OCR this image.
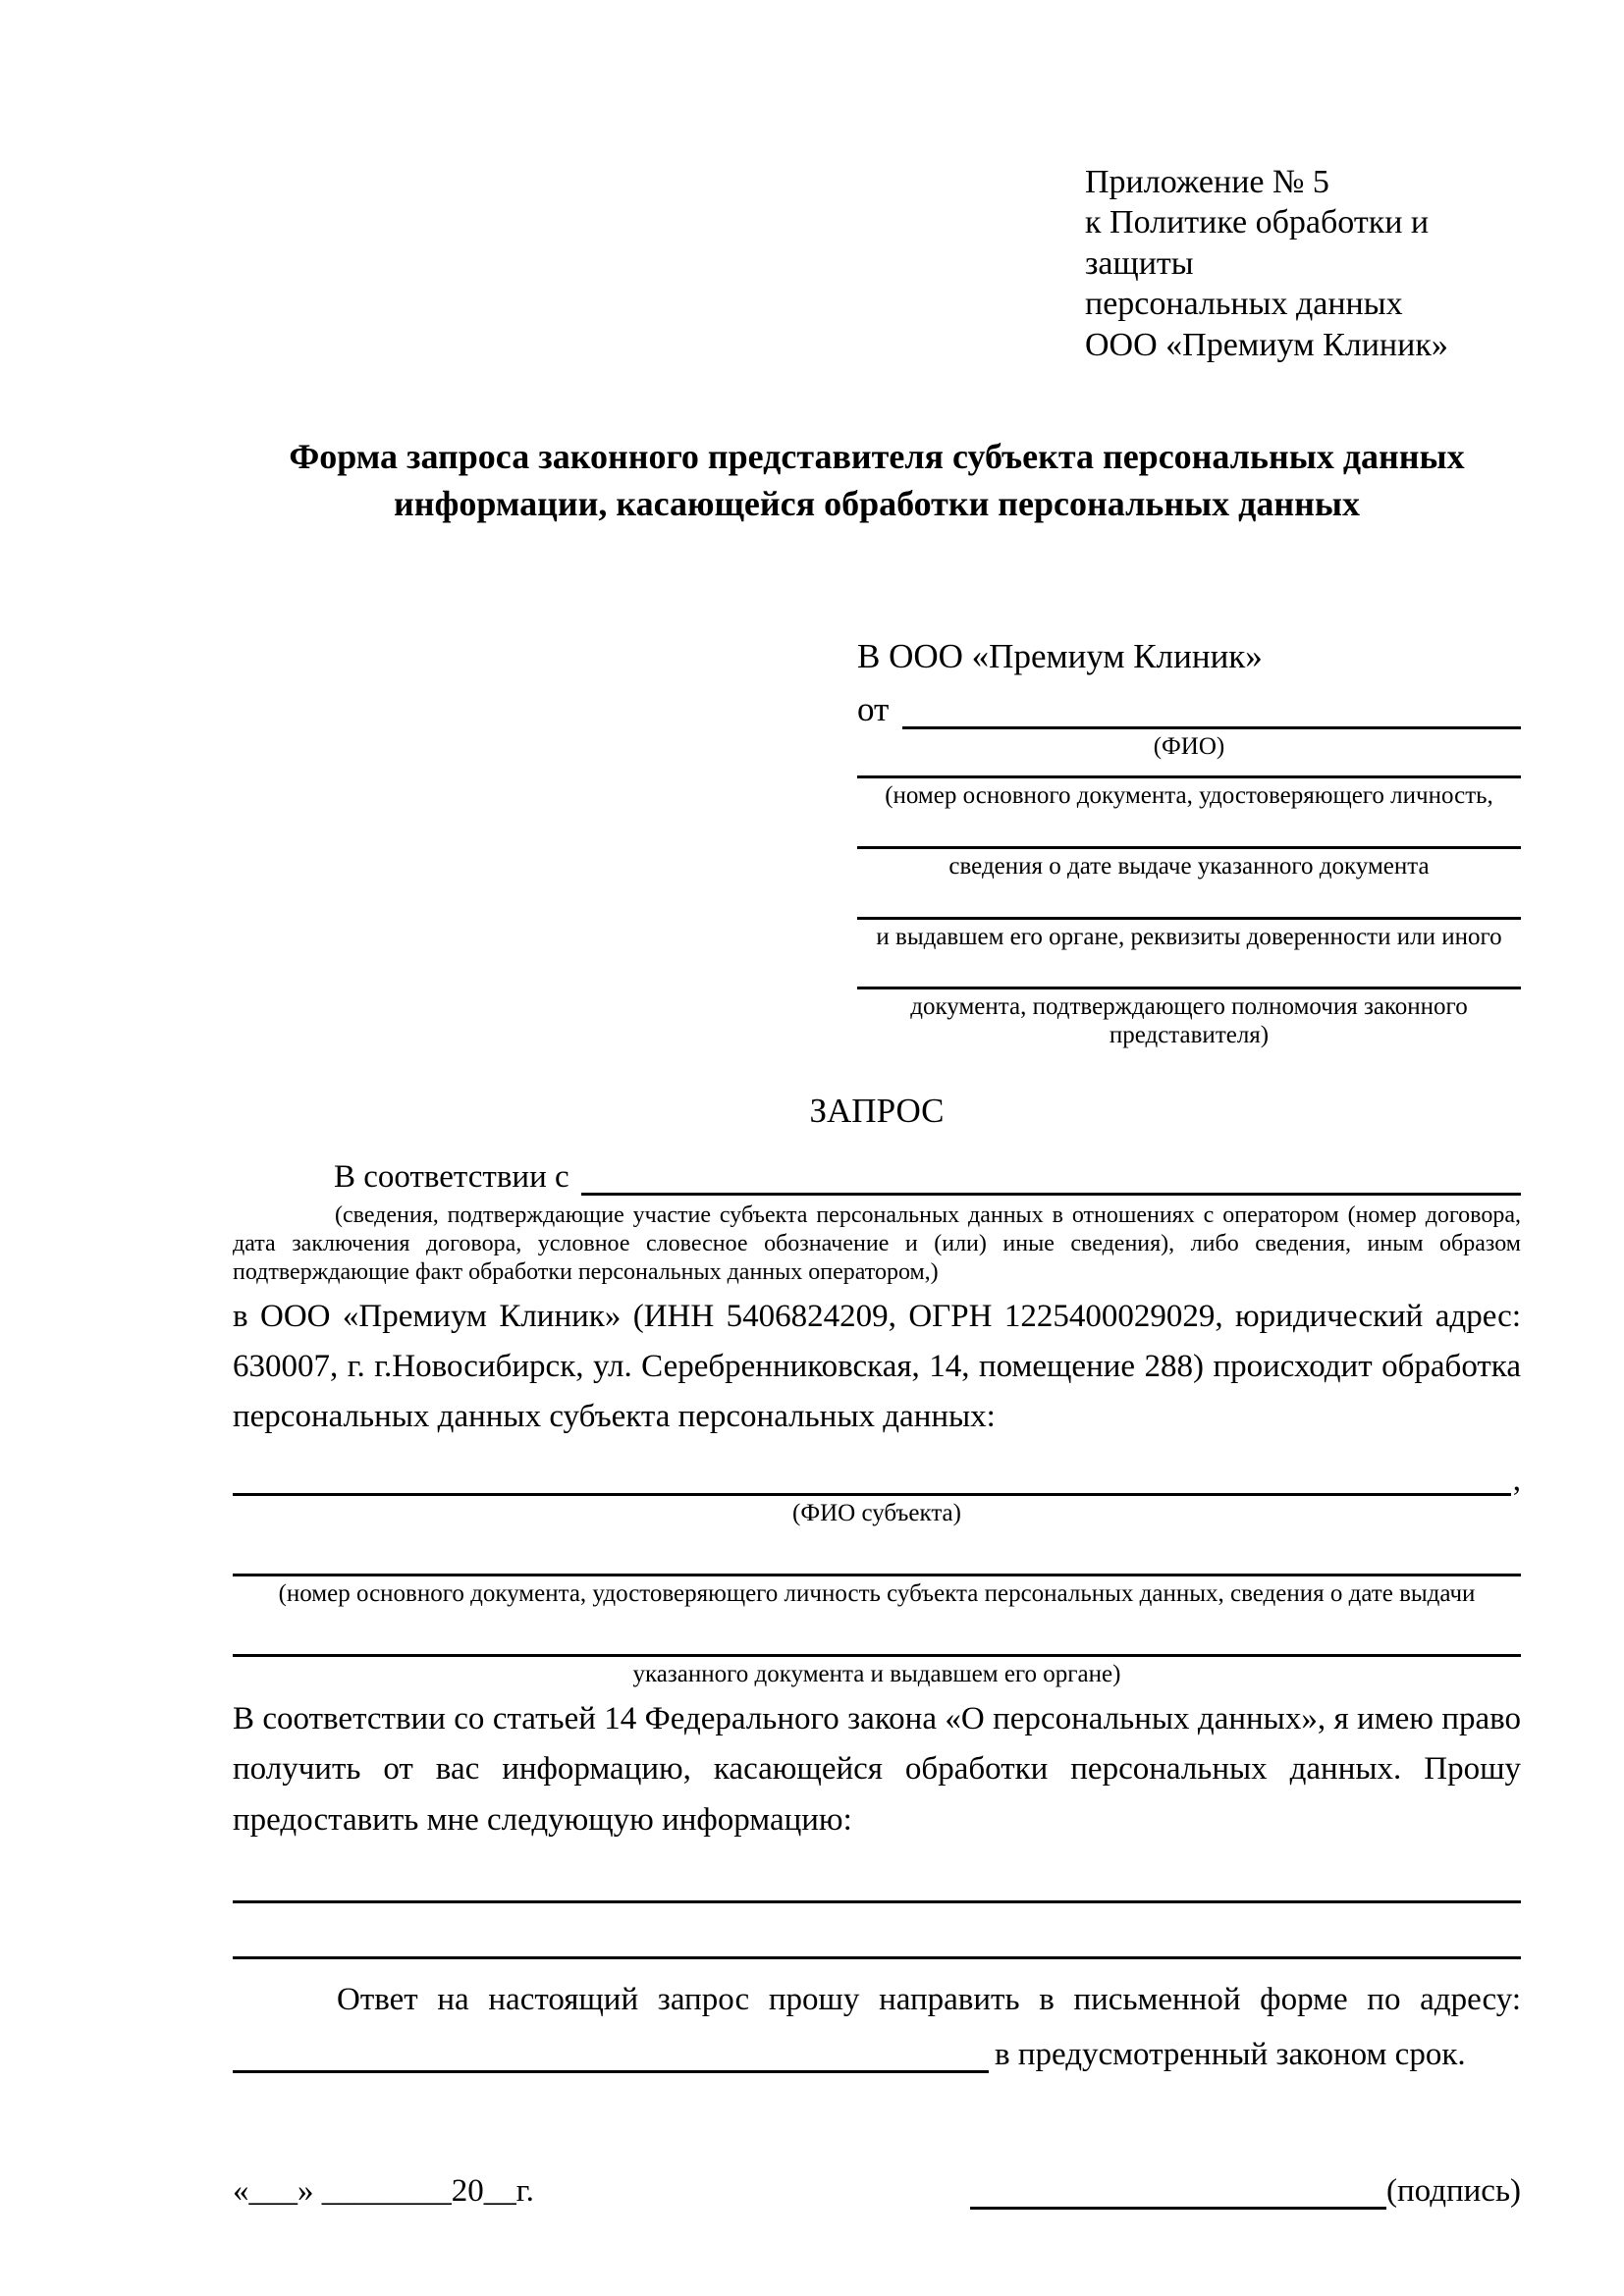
Приложение № 5
к Политике обработки и защиты
персональных данных
ООО «Премиум Клиник»
Форма запроса законного представителя субъекта персональных данных
информации, касающейся обработки персональных данных
В ООО «Премиум Клиник»
от
(ФИО)
(номер основного документа, удостоверяющего личность,
сведения о дате выдаче указанного документа
и выдавшем его органе, реквизиты доверенности или иного
документа, подтверждающего полномочия законного представителя)
ЗАПРОС
В соответствии с
(сведения, подтверждающие участие субъекта персональных данных в отношениях с оператором (номер договора, дата заключения договора, условное словесное обозначение и (или) иные сведения), либо сведения, иным образом подтверждающие факт обработки персональных данных оператором,)

в ООО «Премиум Клиник» (ИНН 5406824209, ОГРН 1225400029029, юридический адрес: 630007, г. г.Новосибирск, ул. Серебренниковская, 14, помещение 288) происходит обработка персональных данных субъекта персональных данных:

,
(ФИО субъекта)
(номер основного документа, удостоверяющего личность субъекта персональных данных, сведения о дате выдачи
указанного документа и выдавшем его органе)

В соответствии со статьей 14 Федерального закона «О персональных данных», я имею право получить от вас информацию, касающейся обработки персональных данных. Прошу предоставить мне следующую информацию:

Ответ на настоящий запрос прошу направить в письменной форме по адресу:

в предусмотренный законом срок.
«___» ________20__г.	(подпись)
